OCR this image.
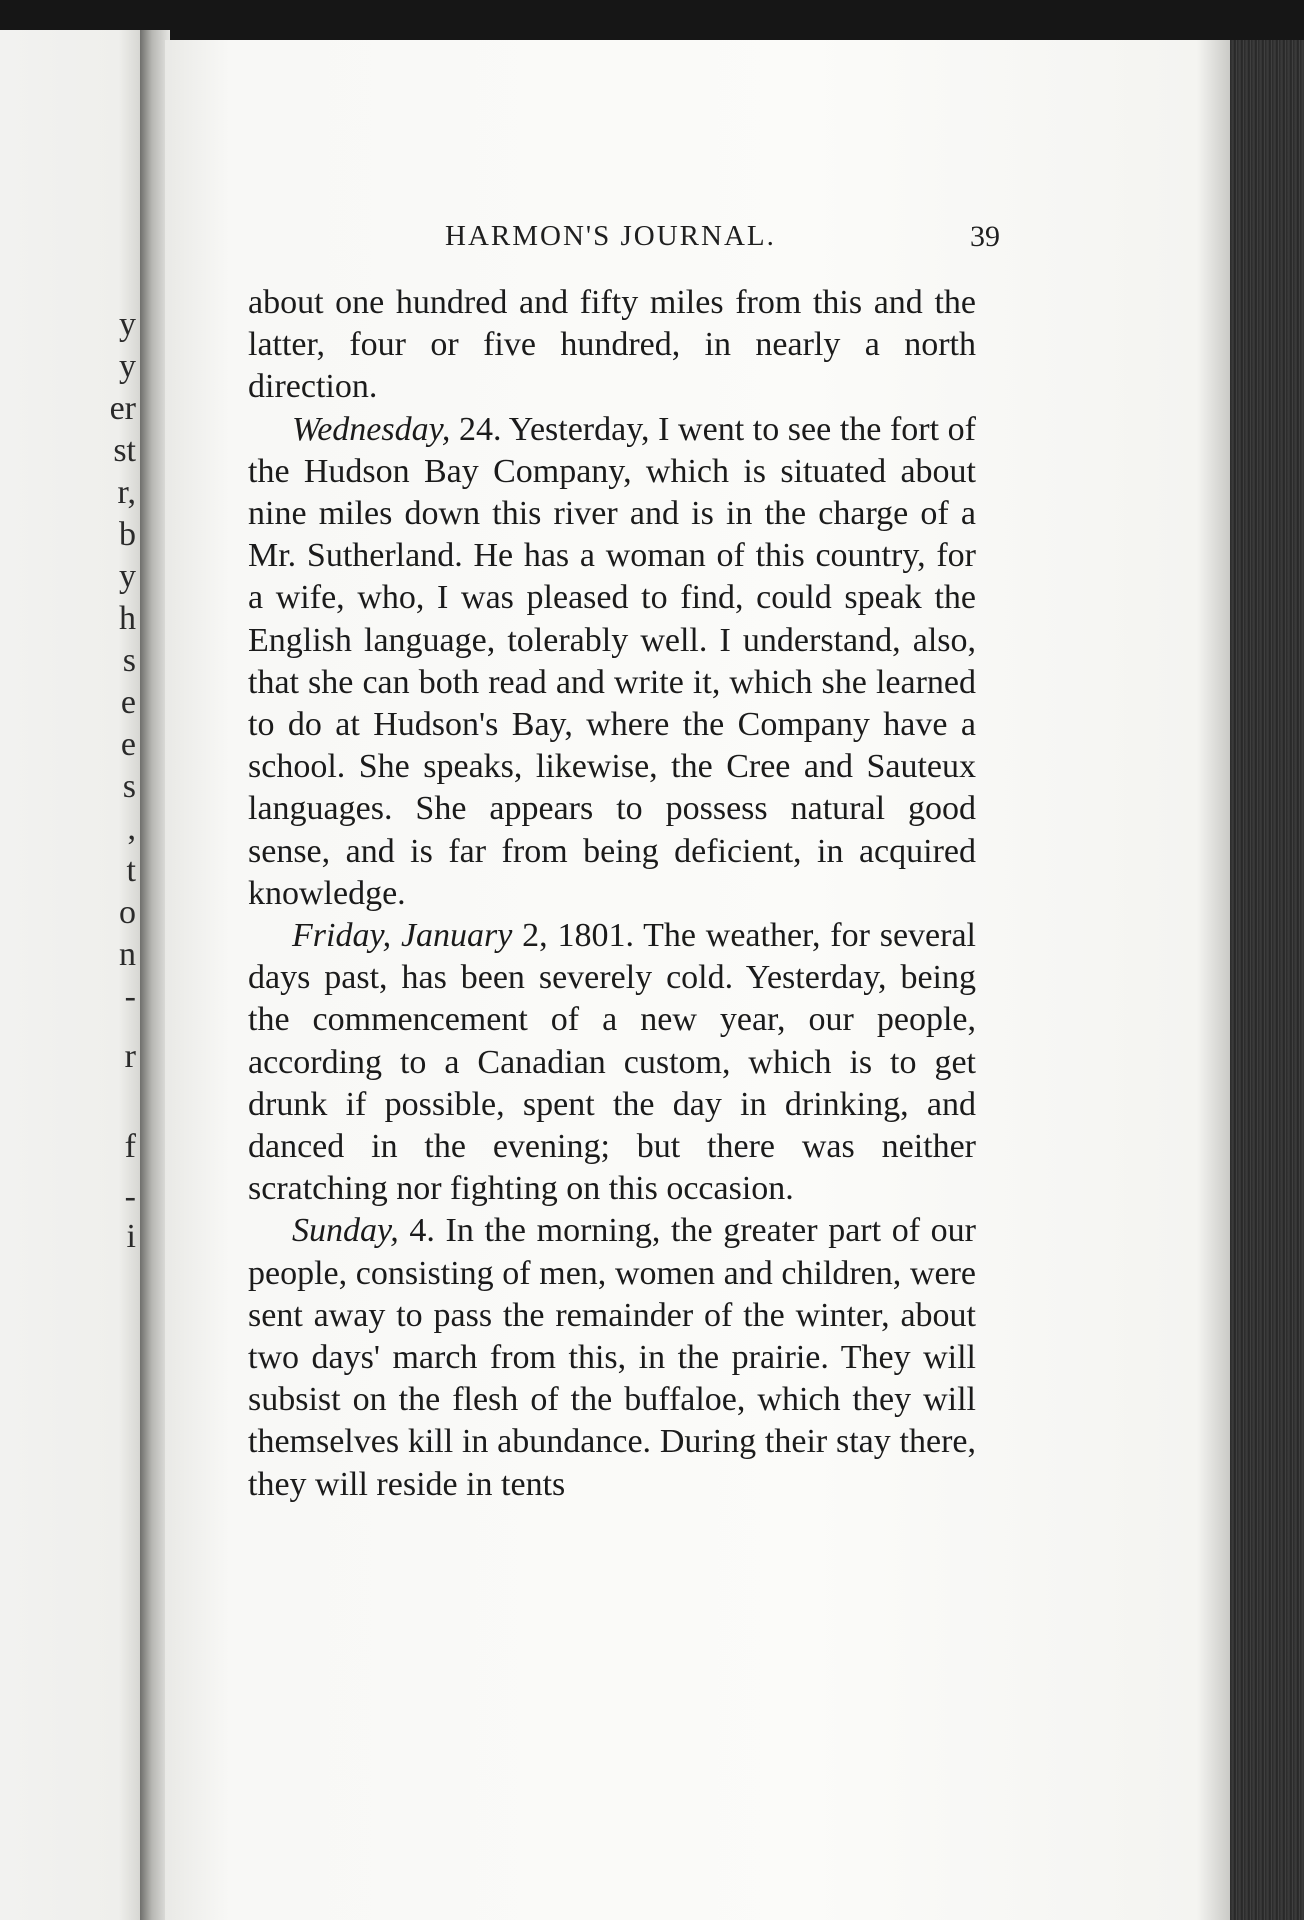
y
y
er
st
r,
b
y
h
s
e
e
s
,
t
o
n
-
r
f
-
i
HARMON'S JOURNAL.	39

about one hundred and fifty miles from this and the latter, four or five hundred, in nearly a north direction.

Wednesday, 24. Yesterday, I went to see the fort of the Hudson Bay Company, which is situated about nine miles down this river and is in the charge of a Mr. Sutherland. He has a woman of this country, for a wife, who, I was pleased to find, could speak the English language, tolerably well. I understand, also, that she can both read and write it, which she learned to do at Hudson's Bay, where the Company have a school. She speaks, likewise, the Cree and Sauteux languages. She appears to possess natural good sense, and is far from being deficient, in acquired knowledge.

Friday, January 2, 1801. The weather, for several days past, has been severely cold. Yesterday, being the commencement of a new year, our people, according to a Canadian custom, which is to get drunk if possible, spent the day in drinking, and danced in the evening; but there was neither scratching nor fighting on this occasion.

Sunday, 4. In the morning, the greater part of our people, consisting of men, women and children, were sent away to pass the remainder of the winter, about two days' march from this, in the prairie. They will subsist on the flesh of the buffaloe, which they will themselves kill in abundance. During their stay there, they will reside in tents
